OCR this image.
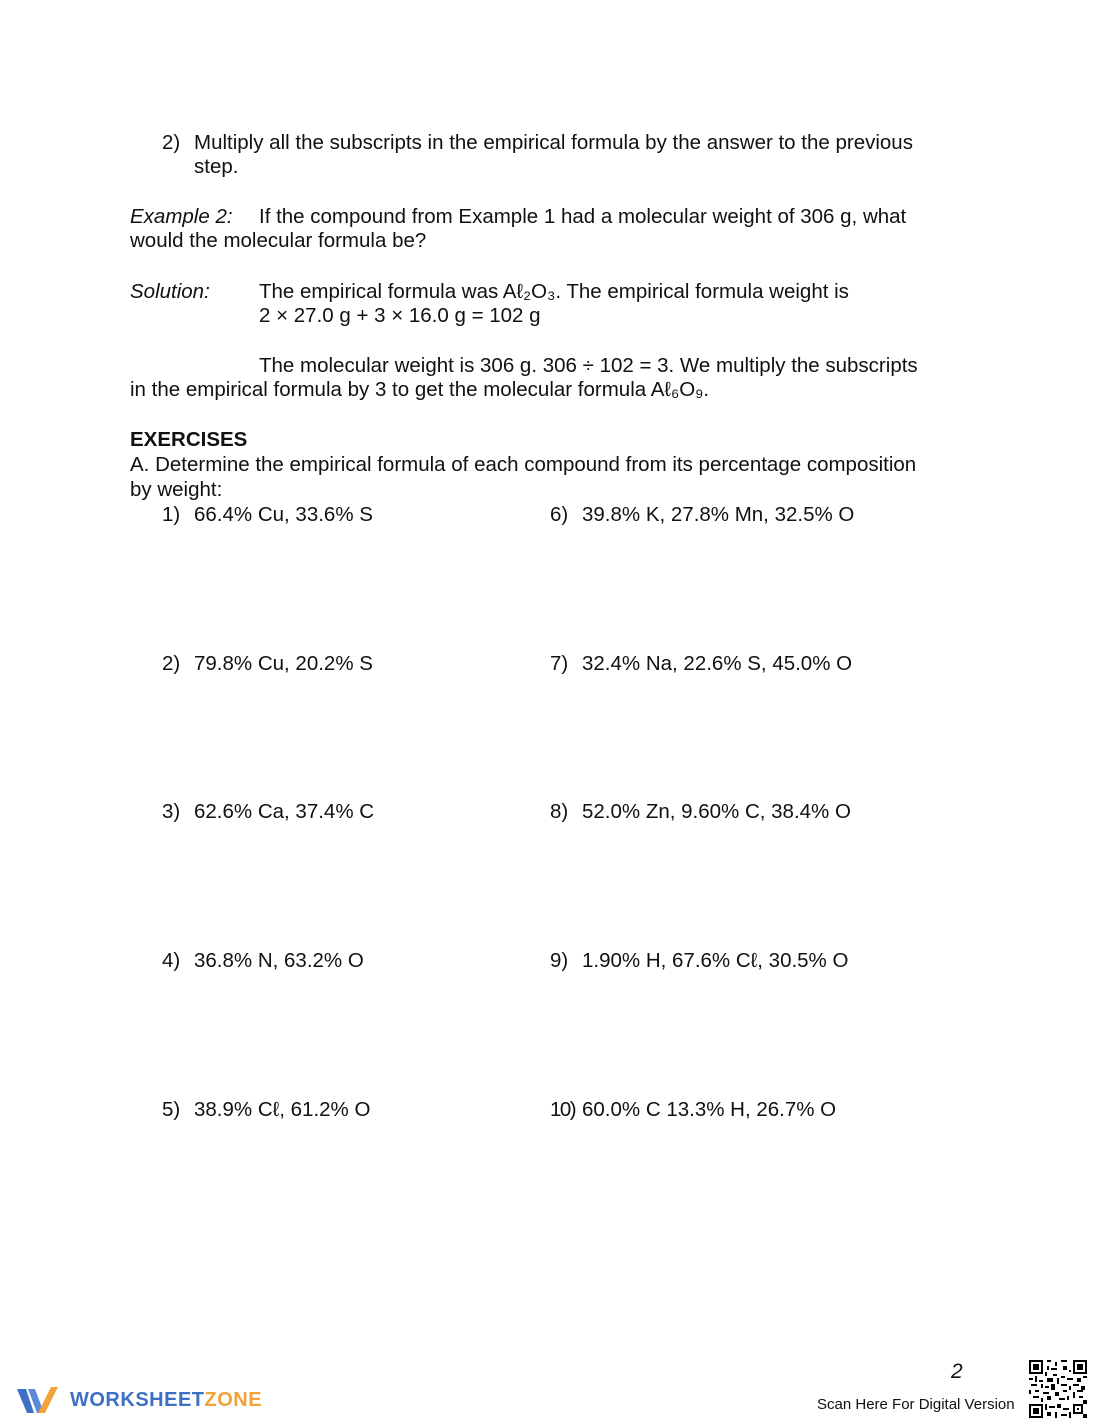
2) Multiply all the subscripts in the empirical formula by the answer to the previous
step.
Example 2: If the compound from Example 1 had a molecular weight of 306 g, what
would the molecular formula be?
Solution: The empirical formula was Aℓ₂O₃. The empirical formula weight is
2 × 27.0 g + 3 × 16.0 g = 102 g
The molecular weight is 306 g. 306 ÷ 102 = 3. We multiply the subscripts
in the empirical formula by 3 to get the molecular formula Aℓ₆O₉.
EXERCISES
A. Determine the empirical formula of each compound from its percentage composition
by weight:
1) 66.4% Cu, 33.6% S	6) 39.8% K, 27.8% Mn, 32.5% O
2) 79.8% Cu, 20.2% S	7) 32.4% Na, 22.6% S, 45.0% O
3) 62.6% Ca, 37.4% C	8) 52.0% Zn, 9.60% C, 38.4% O
4) 36.8% N, 63.2% O	9) 1.90% H, 67.6% Cℓ, 30.5% O
5) 38.9% Cℓ, 61.2% O	10) 60.0% C 13.3% H, 26.7% O
2
WORKSHEETZONE	Scan Here For Digital Version
